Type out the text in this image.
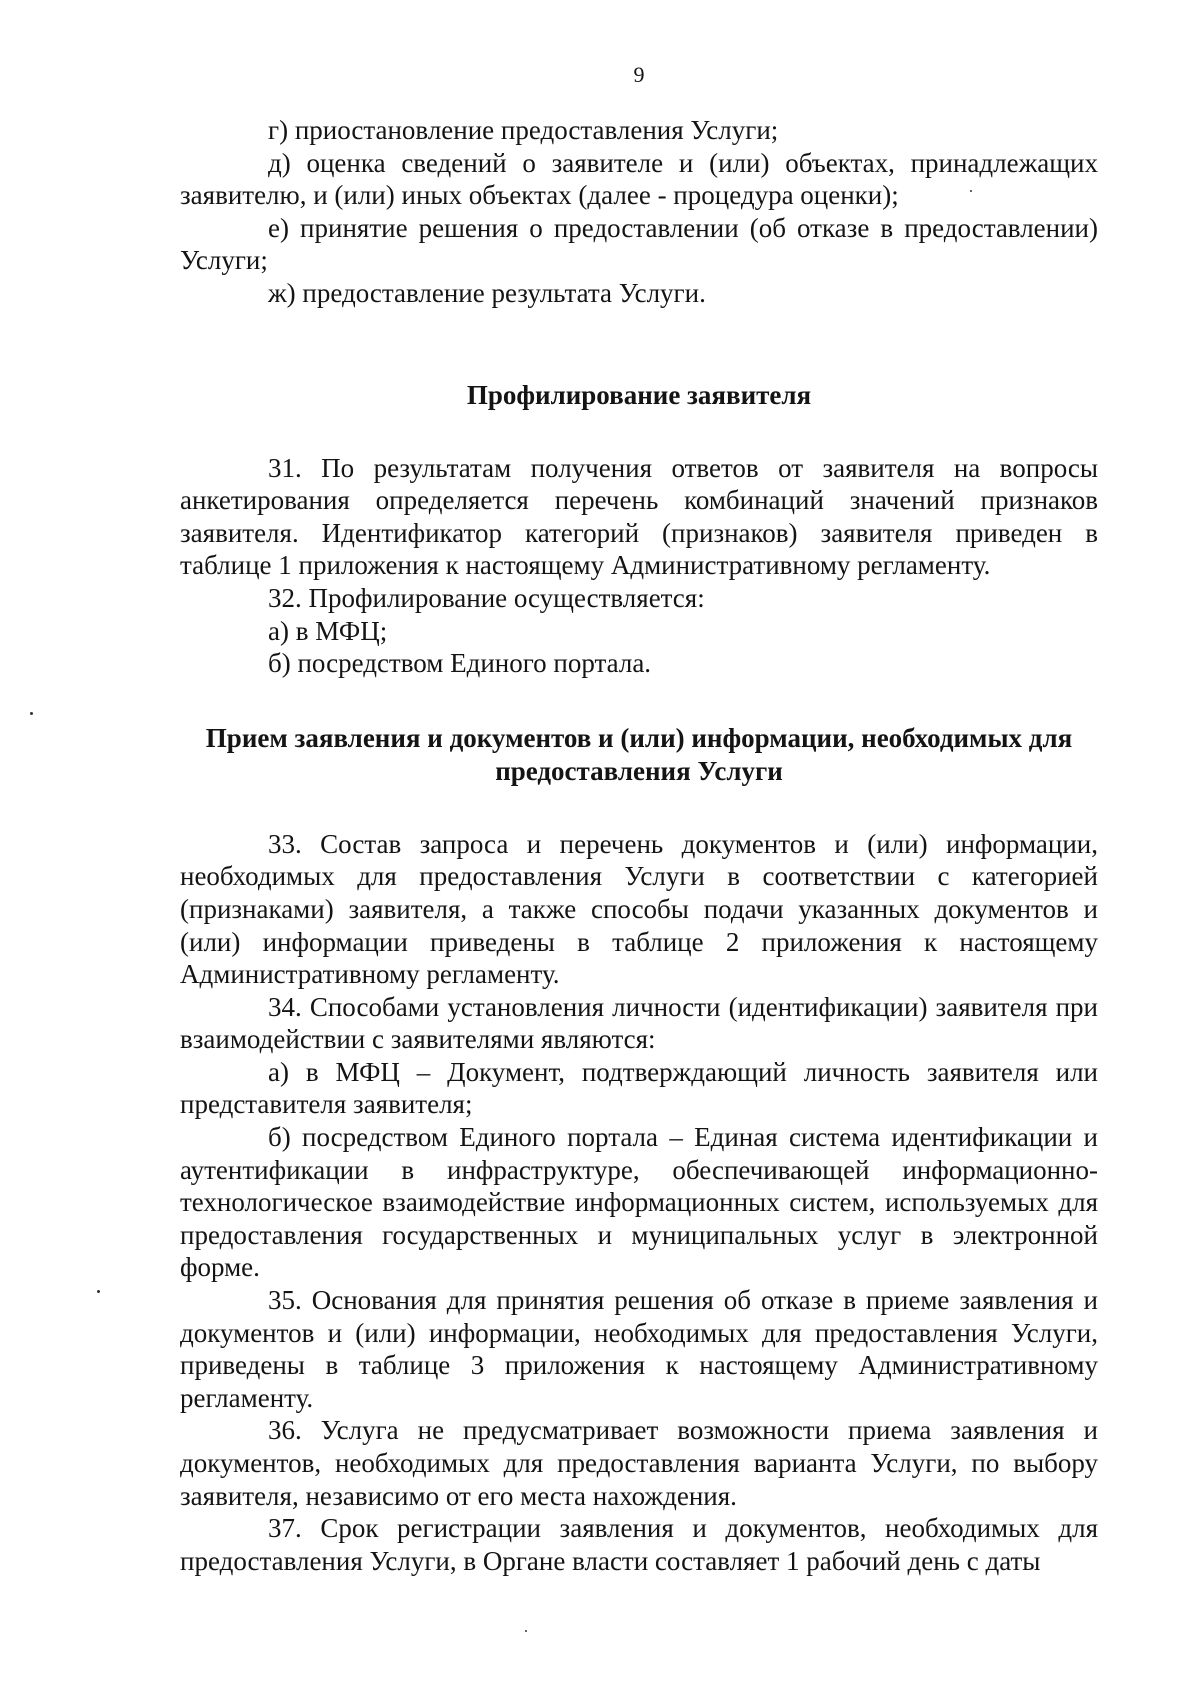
9

г) приостановление предоставления Услуги;

д) оценка сведений о заявителе и (или) объектах, принадлежащих заявителю, и (или) иных объектах (далее - процедура оценки);

е) принятие решения о предоставлении (об отказе в предоставлении) Услуги;

ж) предоставление результата Услуги.

Профилирование заявителя

31. По результатам получения ответов от заявителя на вопросы анкетирования определяется перечень комбинаций значений признаков заявителя. Идентификатор категорий (признаков) заявителя приведен в таблице 1 приложения к настоящему Административному регламенту.

32. Профилирование осуществляется:

а) в МФЦ;

б) посредством Единого портала.

Прием заявления и документов и (или) информации, необходимых для предоставления Услуги

33. Состав запроса и перечень документов и (или) информации, необходимых для предоставления Услуги в соответствии с категорией (признаками) заявителя, а также способы подачи указанных документов и (или) информации приведены в таблице 2 приложения к настоящему Административному регламенту.

34. Способами установления личности (идентификации) заявителя при взаимодействии с заявителями являются:

а) в МФЦ – Документ, подтверждающий личность заявителя или представителя заявителя;

б) посредством Единого портала – Единая система идентификации и аутентификации в инфраструктуре, обеспечивающей информационно-технологическое взаимодействие информационных систем, используемых для предоставления государственных и муниципальных услуг в электронной форме.

35. Основания для принятия решения об отказе в приеме заявления и документов и (или) информации, необходимых для предоставления Услуги, приведены в таблице 3 приложения к настоящему Административному регламенту.

36. Услуга не предусматривает возможности приема заявления и документов, необходимых для предоставления варианта Услуги, по выбору заявителя, независимо от его места нахождения.

37. Срок регистрации заявления и документов, необходимых для предоставления Услуги, в Органе власти составляет 1 рабочий день с даты
